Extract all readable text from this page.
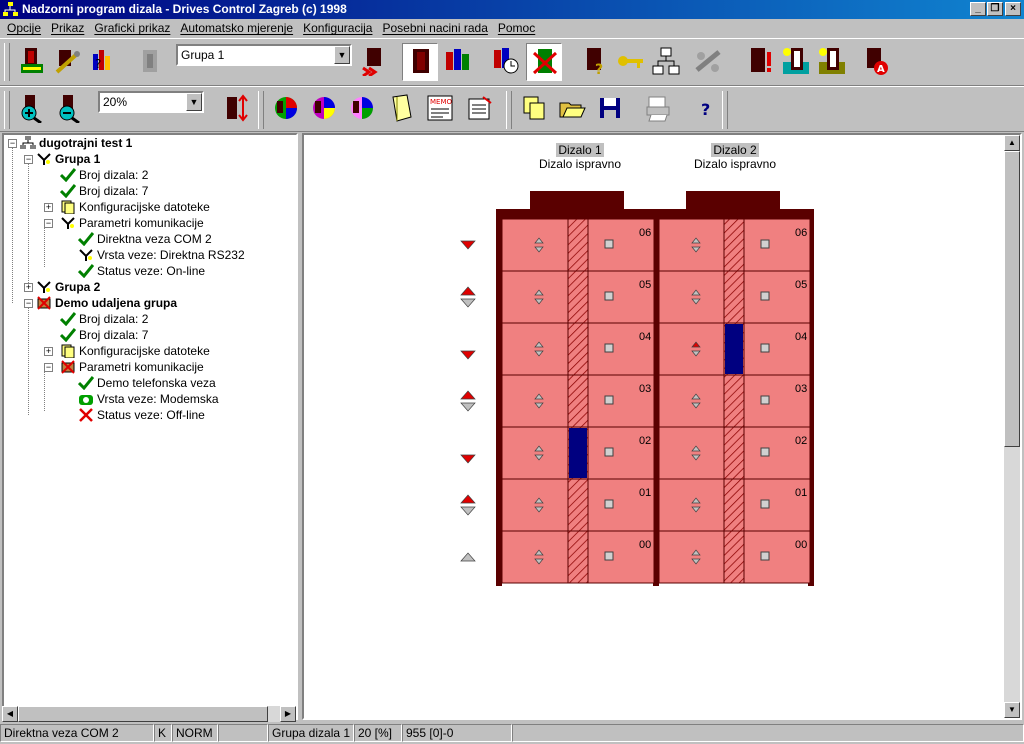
Nadzorni program dizala - Drives Control Zagreb (c) 1998	_ ❐	×
Opcije Prikaz Graficki prikaz Automatsko mjerenje Konfiguracija Posebni nacini rada Pomoc
?
Grupa 1	▼
?	A
20%	▼	MEMO	?
−	dugotrajni test 1
−	Grupa 1
Broj dizala: 2
Broj dizala: 7
+	Konfiguracijske datoteke
−	Parametri komunikacije
Direktna veza COM 2
Vrsta veze: Direktna RS232
Status veze: On-line
+	Grupa 2
−	Demo udaljena grupa
Broj dizala: 2
Broj dizala: 7
+	Konfiguracijske datoteke
−	Parametri komunikacije
Demo telefonska veza
Vrsta veze: Modemska
Status veze: Off-line
◀	▶
Dizalo 1
Dizalo ispravno
Dizalo 2
Dizalo ispravno
06	06
05	05
04	04
03	03
02	02
01	01
00	00
▲
▼
Direktna veza COM 2	K NORM	Grupa dizala 1 20 [%]	955 [0]-0
